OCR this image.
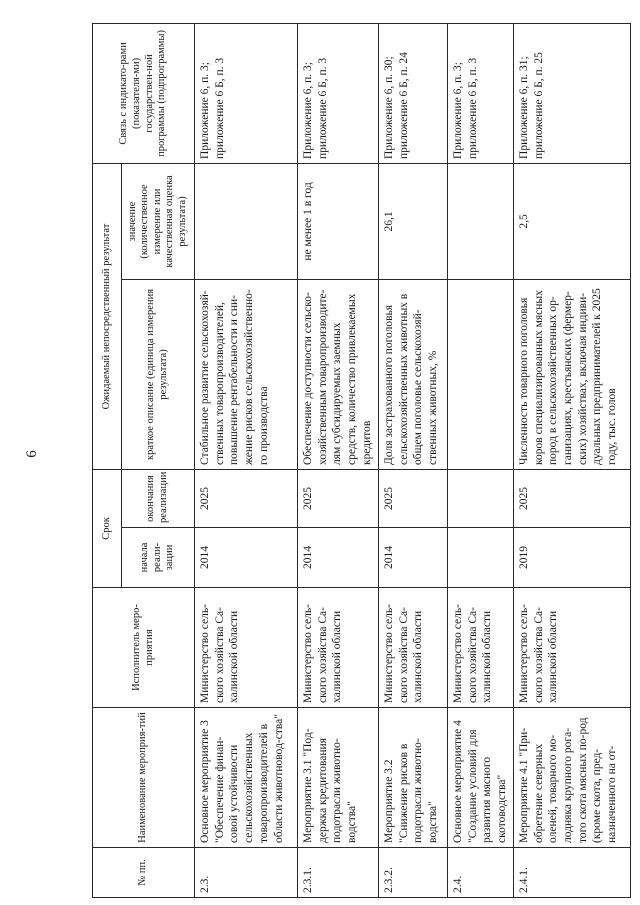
6
№ пп.	Наименование мероприя-тий	Исполнитель меро-приятия	Срок		Ожидаемый непосредственный результат		Связь с индикато-рами (показателя-ми) государствен-ной программы (подпрограммы)
			начала реали-зации	окончания реализации	краткое описание (единица измерения результата)	значение (количественное измерение или качественная оценка результата)	
2.3.	Основное мероприятие 3 "Обеспечение финан-совой устойчивости сельскохозяйственных товаропроизводителей в области животновод-ства"	Министерство сель-ского хозяйства Са-халинской области	2014	2025	Стабильное развитие сельскохозяй-ственных товаропроизводителей, повышение рентабельности и сни-жение рисков сельскохозяйственно-го производства		Приложение 6, п. 3; приложение 6 Б, п. 3
2.3.1.	Мероприятие 3.1 "Под-держка кредитования подотрасли животно-водства"	Министерство сель-ского хозяйства Са-халинской области	2014	2025	Обеспечение доступности сельско-хозяйственным товаропроизводите-лям субсидируемых заемных средств, количество привлекаемых кредитов	не менее 1 в год	Приложение 6, п. 3; приложение 6 Б, п. 3
2.3.2.	Мероприятие 3.2 "Снижение рисков в подотрасли животно-водства"	Министерство сель-ского хозяйства Са-халинской области	2014	2025	Доля застрахованного поголовья сельскохозяйственных животных в общем поголовье сельскохозяй-ственных животных, %	26,1	Приложение 6, п. 30; приложение 6 Б, п. 24
2.4.	Основное мероприятие 4 "Создание условий для развития мясного скотоводства"	Министерство сель-ского хозяйства Са-халинской области					Приложение 6, п. 3; приложение 6 Б, п. 3
2.4.1.	Мероприятие 4.1 "При-обретение северных оленей, товарного мо-лодняка крупного рога-того скота мясных по-род (кроме скота, пред-назначенного на от-	Министерство сель-ского хозяйства Са-халинской области	2019	2025	Численность товарного поголовья коров специализированных мясных пород в сельскохозяйственных ор-ганизациях, крестьянских (фермер-ских) хозяйствах, включая индиви-дуальных предпринимателей к 2025 году, тыс. голов	2,5	Приложение 6, п. 31; приложение 6 Б, п. 25
